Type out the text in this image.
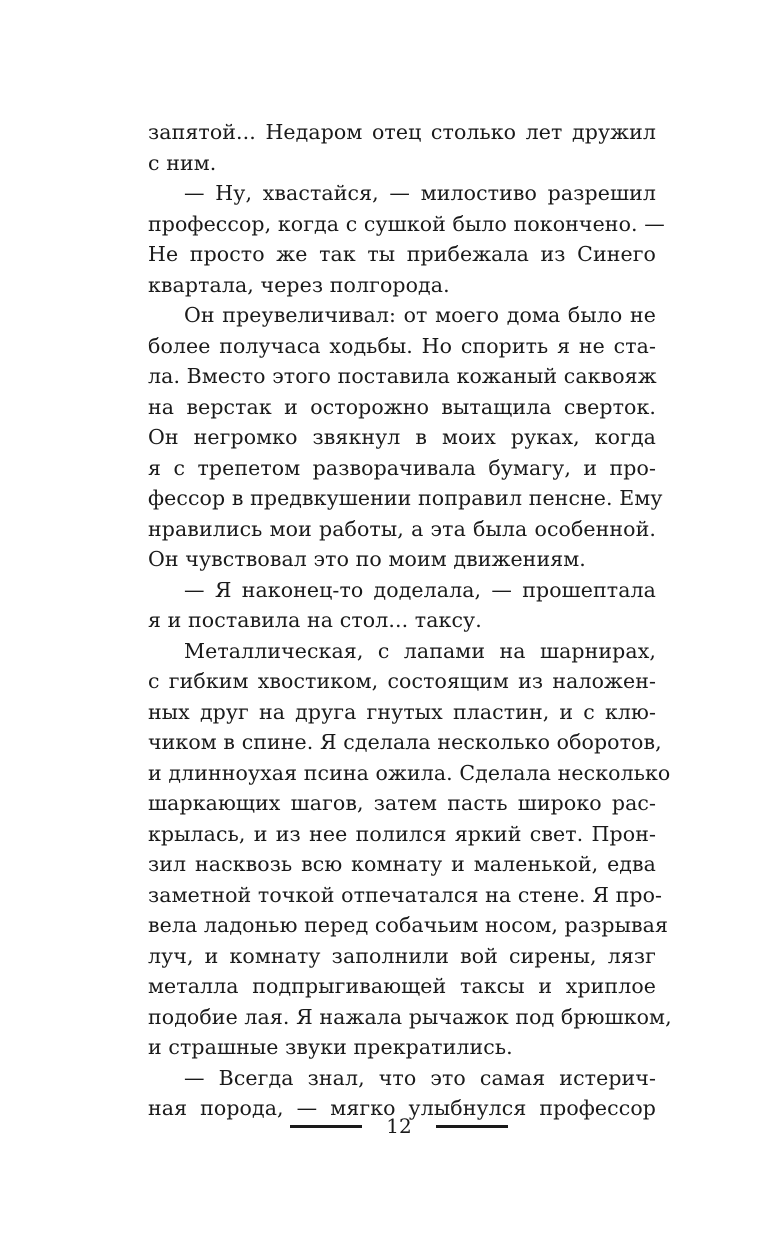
запятой... Недаром отец столько лет дружил
с ним.
— Ну, хвастайся, — милостиво разрешил
профессор, когда с сушкой было покончено. —
Не просто же так ты прибежала из Синего
квартала, через полгорода.
Он преувеличивал: от моего дома было не
более получаса ходьбы. Но спорить я не ста-
ла. Вместо этого поставила кожаный саквояж
на верстак и осторожно вытащила сверток.
Он негромко звякнул в моих руках, когда
я с трепетом разворачивала бумагу, и про-
фессор в предвкушении поправил пенсне. Ему
нравились мои работы, а эта была особенной.
Он чувствовал это по моим движениям.
— Я наконец-то доделала, — прошептала
я и поставила на стол... таксу.
Металлическая, с лапами на шарнирах,
с гибким хвостиком, состоящим из наложен-
ных друг на друга гнутых пластин, и с клю-
чиком в спине. Я сделала несколько оборотов,
и длинноухая псина ожила. Сделала несколько
шаркающих шагов, затем пасть широко рас-
крылась, и из нее полился яркий свет. Прон-
зил насквозь всю комнату и маленькой, едва
заметной точкой отпечатался на стене. Я про-
вела ладонью перед собачьим носом, разрывая
луч, и комнату заполнили вой сирены, лязг
металла подпрыгивающей таксы и хриплое
подобие лая. Я нажала рычажок под брюшком,
и страшные звуки прекратились.
— Всегда знал, что это самая истерич-
ная порода, — мягко улыбнулся профессор
12
